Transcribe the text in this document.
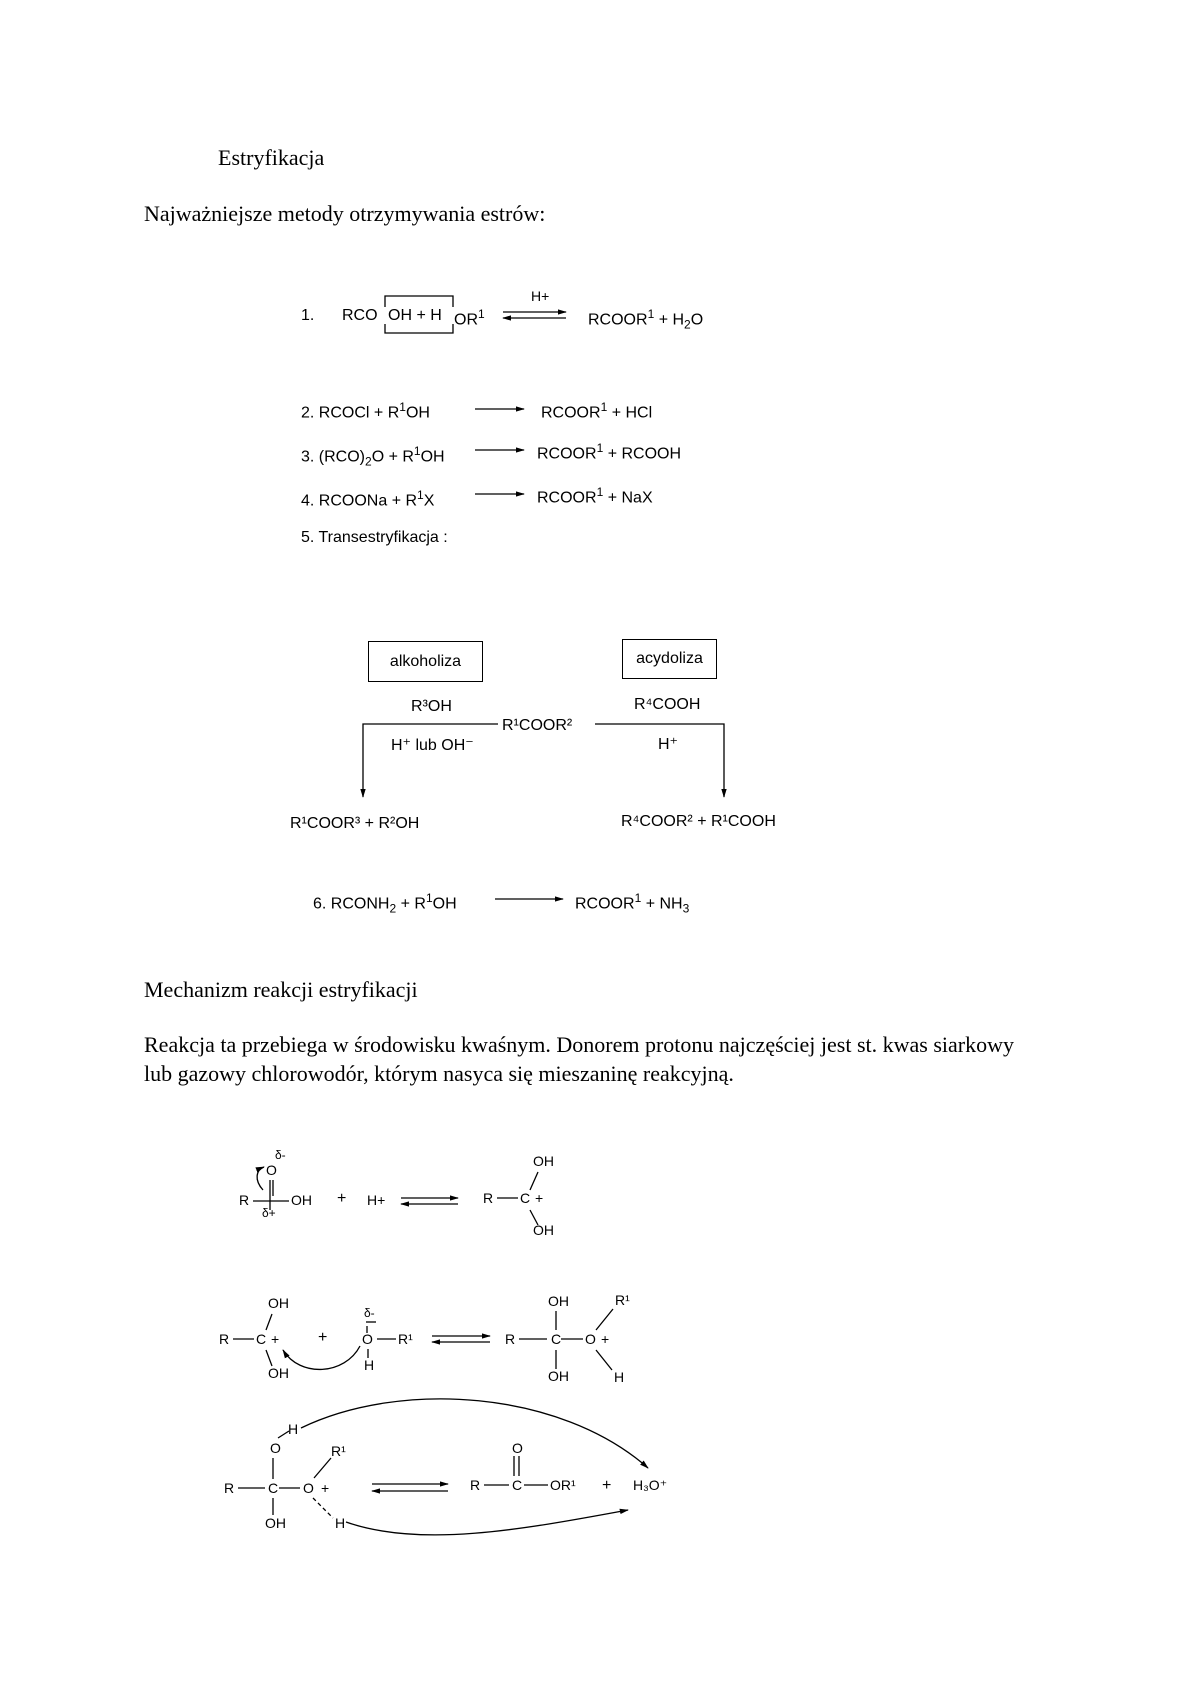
Estryfikacja
Najważniejsze metody otrzymywania estrów:
1. RCO OH + H $OR^1$
H+
$RCOOR^1 + H_2O$
2. RCOCl + $R^1OH$	$RCOOR^1$ + HCl
3. $(RCO)_2O + R^1OH$	$RCOOR^1$ + RCOOH
4. RCOONa + $R^1X$	$RCOOR^1$ + NaX
5. Transestryfikacja :
alkoholiza	acydoliza
R¹COOR²
R³OH
H⁺ lub OH⁻
R⁴COOH
H⁺
R¹COOR³ + R²OH	R⁴COOR² + R¹COOH
6. $RCONH_2 + R^1OH$	$RCOOR^1 + NH_3$
Mechanizm reakcji estryfikacji
Reakcja ta przebiega w środowisku kwaśnym. Donorem protonu najczęściej jest st. kwas siarkowy lub gazowy chlorowodór, którym nasyca się mieszaninę reakcyjną.
δ-
O
R	OH
δ+
+ H+
OH
R C +
OH
OH
R C +
OH
+
δ-
O R¹
H
OH	R¹
R	C O +
OH	H
H
O	R¹
R C O +
OH	H
O
R C OR¹ + H₃O⁺
